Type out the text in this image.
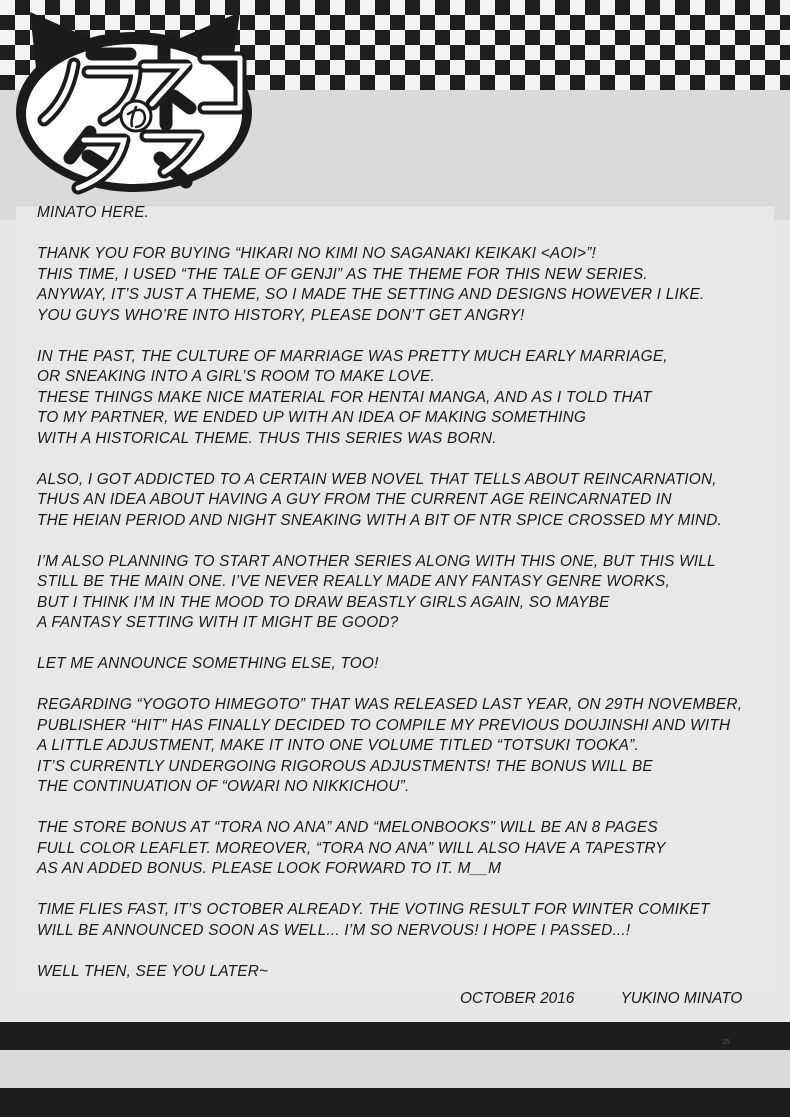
MINATO HERE.

THANK YOU FOR BUYING “HIKARI NO KIMI NO SAGANAKI KEIKAKI <AOI>”!

THIS TIME, I USED “THE TALE OF GENJI” AS THE THEME FOR THIS NEW SERIES.

ANYWAY, IT’S JUST A THEME, SO I MADE THE SETTING AND DESIGNS HOWEVER I LIKE.

YOU GUYS WHO’RE INTO HISTORY, PLEASE DON’T GET ANGRY!

IN THE PAST, THE CULTURE OF MARRIAGE WAS PRETTY MUCH EARLY MARRIAGE,

OR SNEAKING INTO A GIRL’S ROOM TO MAKE LOVE.

THESE THINGS MAKE NICE MATERIAL FOR HENTAI MANGA, AND AS I TOLD THAT

TO MY PARTNER, WE ENDED UP WITH AN IDEA OF MAKING SOMETHING

WITH A HISTORICAL THEME. THUS THIS SERIES WAS BORN.

ALSO, I GOT ADDICTED TO A CERTAIN WEB NOVEL THAT TELLS ABOUT REINCARNATION,

THUS AN IDEA ABOUT HAVING A GUY FROM THE CURRENT AGE REINCARNATED IN

THE HEIAN PERIOD AND NIGHT SNEAKING WITH A BIT OF NTR SPICE CROSSED MY MIND.

I’M ALSO PLANNING TO START ANOTHER SERIES ALONG WITH THIS ONE, BUT THIS WILL

STILL BE THE MAIN ONE. I’VE NEVER REALLY MADE ANY FANTASY GENRE WORKS,

BUT I THINK I’M IN THE MOOD TO DRAW BEASTLY GIRLS AGAIN, SO MAYBE

A FANTASY SETTING WITH IT MIGHT BE GOOD?

LET ME ANNOUNCE SOMETHING ELSE, TOO!

REGARDING “YOGOTO HIMEGOTO” THAT WAS RELEASED LAST YEAR, ON 29TH NOVEMBER,

PUBLISHER “HIT” HAS FINALLY DECIDED TO COMPILE MY PREVIOUS DOUJINSHI AND WITH

A LITTLE ADJUSTMENT, MAKE IT INTO ONE VOLUME TITLED “TOTSUKI TOOKA”.

IT’S CURRENTLY UNDERGOING RIGOROUS ADJUSTMENTS! THE BONUS WILL BE

THE CONTINUATION OF “OWARI NO NIKKICHOU”.

THE STORE BONUS AT “TORA NO ANA” AND “MELONBOOKS” WILL BE AN 8 PAGES

FULL COLOR LEAFLET. MOREOVER, “TORA NO ANA” WILL ALSO HAVE A TAPESTRY

AS AN ADDED BONUS. PLEASE LOOK FORWARD TO IT. M__M

TIME FLIES FAST, IT’S OCTOBER ALREADY. THE VOTING RESULT FOR WINTER COMIKET

WILL BE ANNOUNCED SOON AS WELL... I’M SO NERVOUS! I HOPE I PASSED...!

WELL THEN, SEE YOU LATER~

OCTOBER 2016	YUKINO MINATO
25
